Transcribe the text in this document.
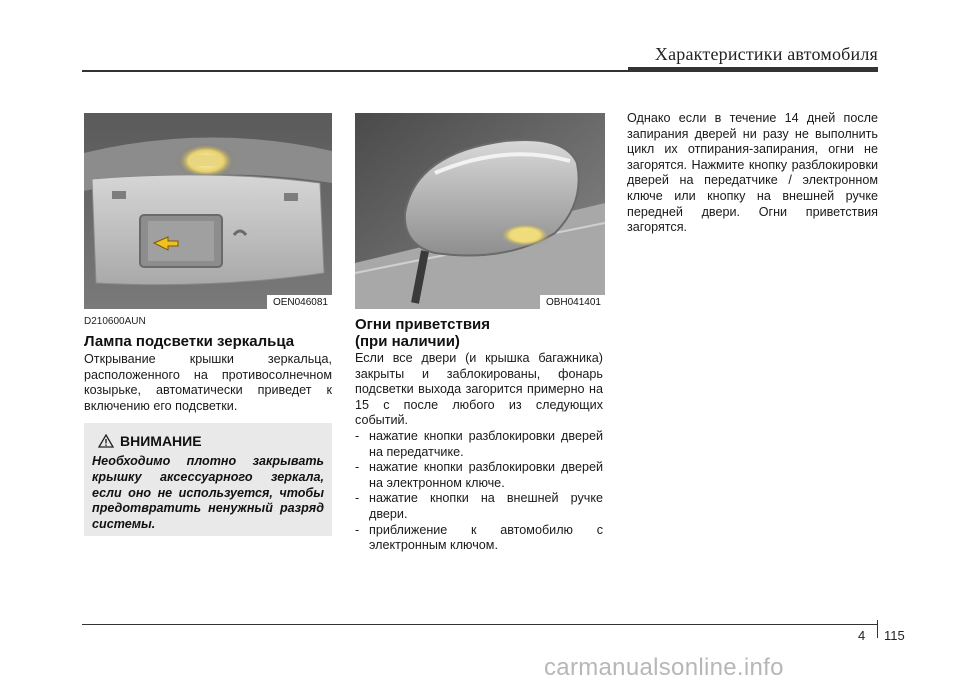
Характеристики автомобиля
OEN046081	OBH041401
D210600AUN
Лампа подсветки зеркальца

Открывание крышки зеркальца, расположенного на противосолнечном козырьке, автоматически приведет к включению его подсветки.

ВНИМАНИЕ
Необходимо плотно закрывать крышку аксессуарного зеркала, если оно не используется, чтобы предотвратить ненужный разряд системы.
Огни приветствия
(при наличии)

Если все двери (и крышка багажника) закрыты и заблокированы, фонарь подсветки выхода загорится примерно на 15 с после любого из следующих событий.

- нажатие кнопки разблокировки дверей на передатчике.
- нажатие кнопки разблокировки дверей на электронном ключе.
- нажатие кнопки на внешней ручке двери.
- приближение к автомобилю с электронным ключом.

Однако если в течение 14 дней после запирания дверей ни разу не выполнить цикл их отпирания-запирания, огни не загорятся. Нажмите кнопку разблокировки дверей на передатчике / электронном ключе или кнопку на внешней ручке передней двери. Огни приветствия загорятся.

4 115
carmanualsonline.info
